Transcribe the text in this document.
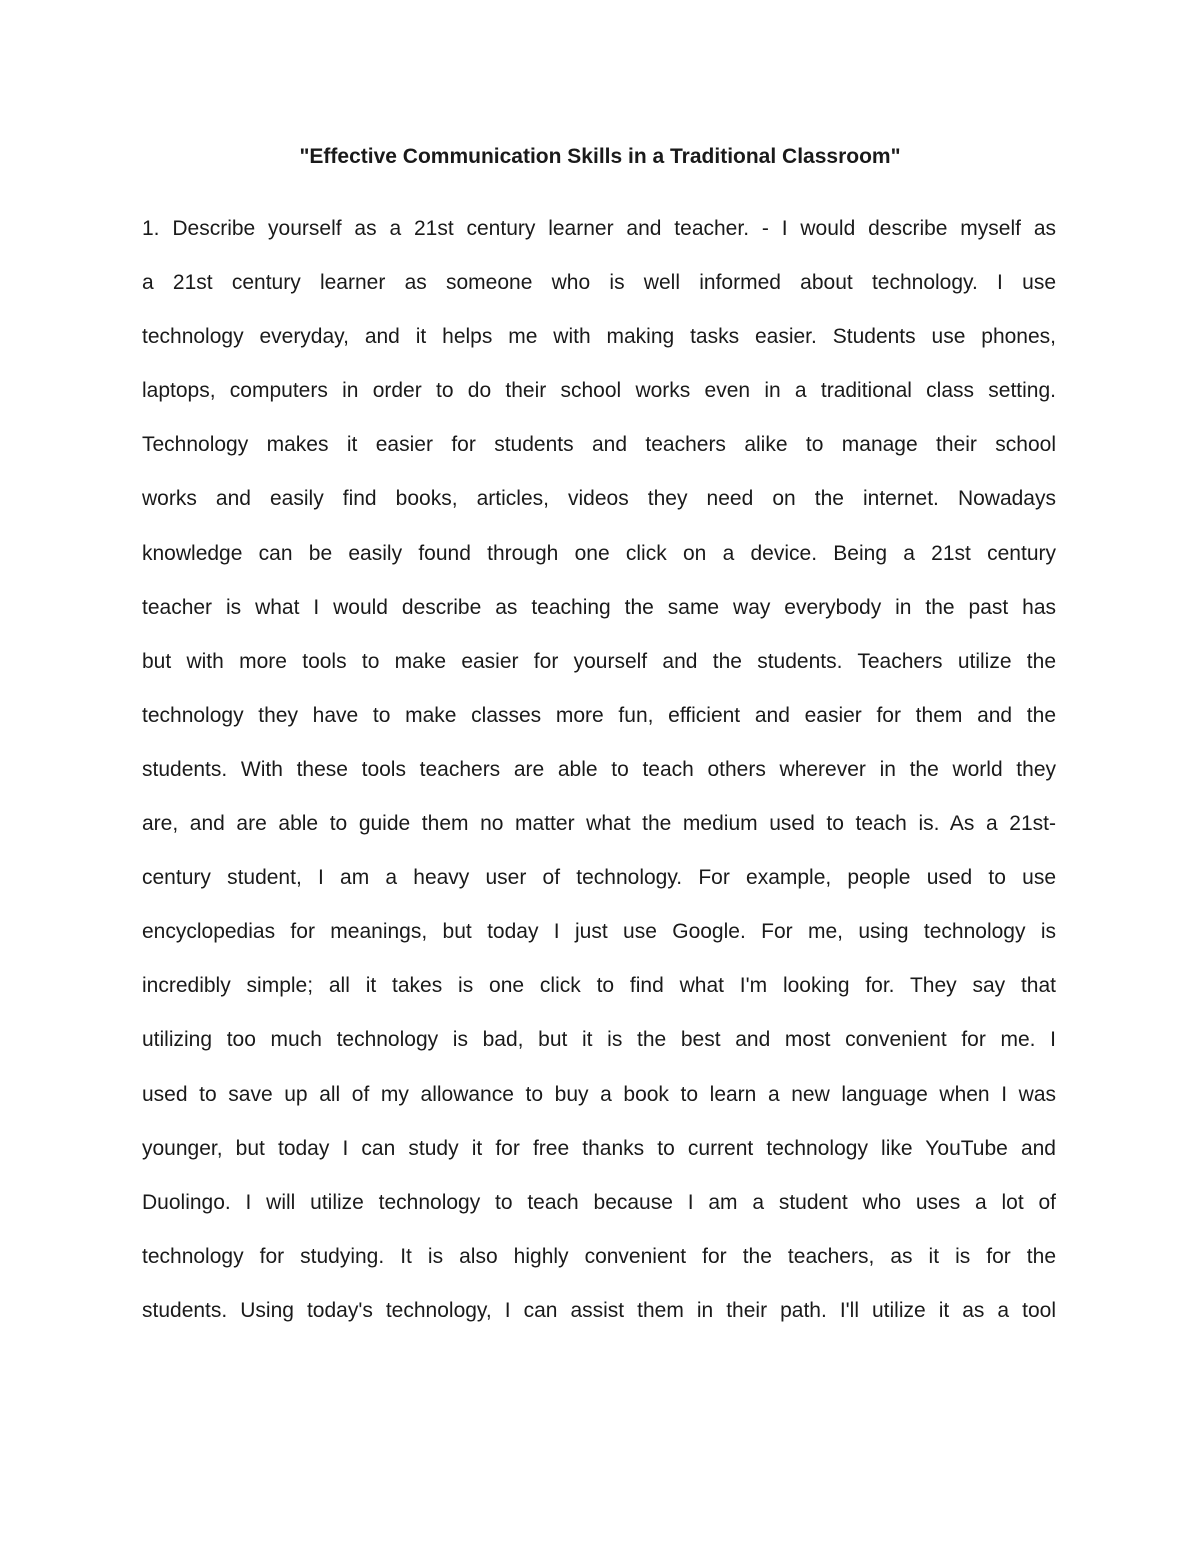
"Effective Communication Skills in a Traditional Classroom"
1. Describe yourself as a 21st century learner and teacher. - I would describe myself as
a 21st century learner as someone who is well informed about technology. I use
technology everyday, and it helps me with making tasks easier. Students use phones,
laptops, computers in order to do their school works even in a traditional class setting.
Technology makes it easier for students and teachers alike to manage their school
works and easily find books, articles, videos they need on the internet. Nowadays
knowledge can be easily found through one click on a device. Being a 21st century
teacher is what I would describe as teaching the same way everybody in the past has
but with more tools to make easier for yourself and the students. Teachers utilize the
technology they have to make classes more fun, efficient and easier for them and the
students. With these tools teachers are able to teach others wherever in the world they
are, and are able to guide them no matter what the medium used to teach is. As a 21st-
century student, I am a heavy user of technology. For example, people used to use
encyclopedias for meanings, but today I just use Google. For me, using technology is
incredibly simple; all it takes is one click to find what I'm looking for. They say that
utilizing too much technology is bad, but it is the best and most convenient for me. I
used to save up all of my allowance to buy a book to learn a new language when I was
younger, but today I can study it for free thanks to current technology like YouTube and
Duolingo. I will utilize technology to teach because I am a student who uses a lot of
technology for studying. It is also highly convenient for the teachers, as it is for the
students. Using today's technology, I can assist them in their path. I'll utilize it as a tool
